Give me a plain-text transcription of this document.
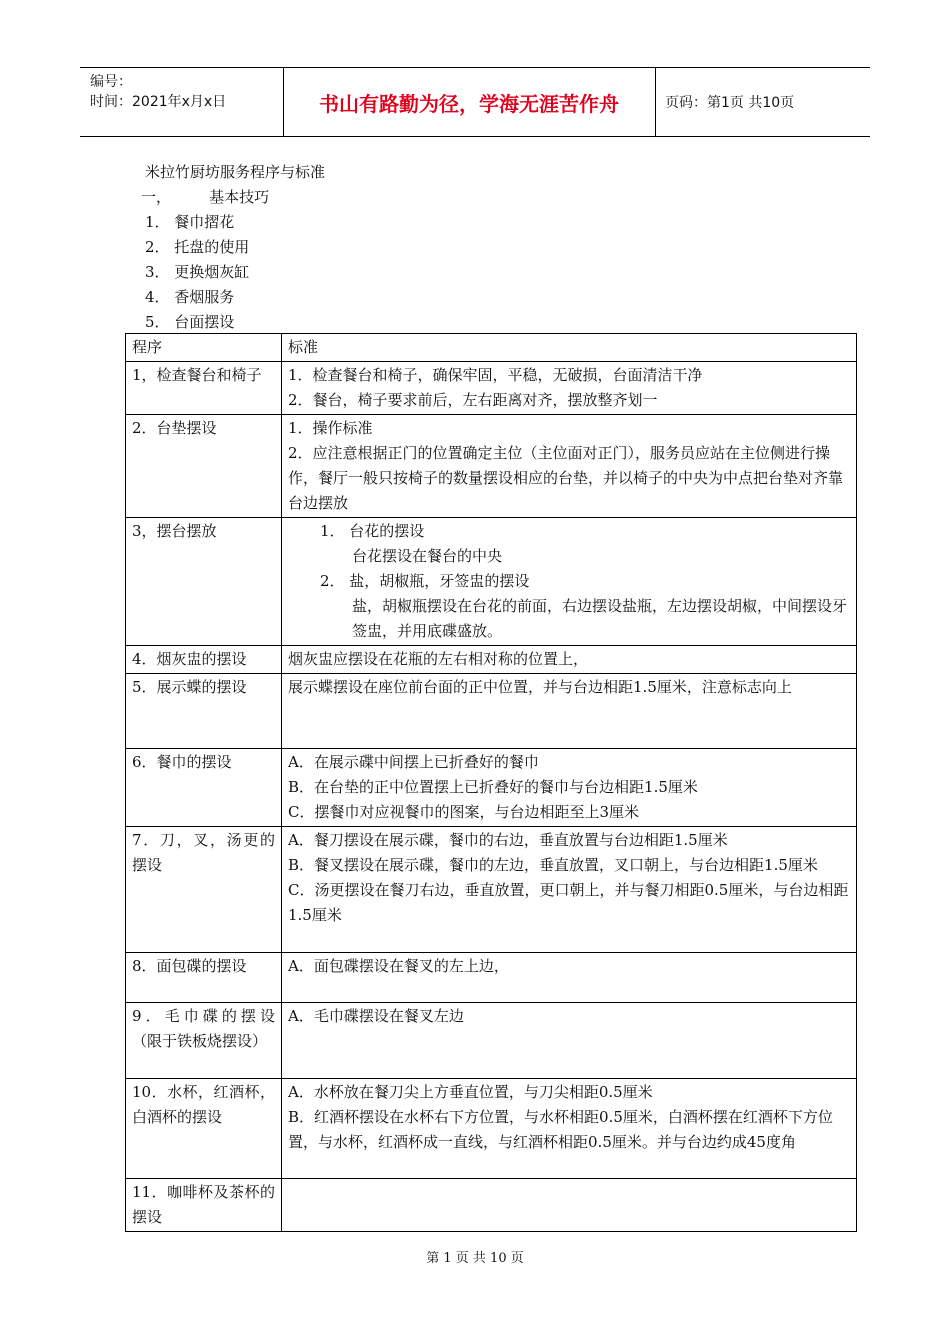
编号：
时间：2021年x月x日	书山有路勤为径，学海无涯苦作舟	页码：第1页 共10页
米拉竹厨坊服务程序与标准
一，        基本技巧
1． 餐巾摺花
2． 托盘的使用
3． 更换烟灰缸
4． 香烟服务
5． 台面摆设
程序	标准
1，检查餐台和椅子	1．检查餐台和椅子，确保牢固，平稳，无破损，台面清洁干净
2．餐台，椅子要求前后，左右距离对齐，摆放整齐划一

2．台垫摆设	1．操作标准
2．应注意根据正门的位置确定主位（主位面对正门），服务员应站在主位侧进行操作，餐厅一般只按椅子的数量摆设相应的台垫，并以椅子的中央为中点把台垫对齐靠台边摆放

3，摆台摆放	1． 台花的摆设
台花摆设在餐台的中央
2． 盐，胡椒瓶，牙签盅的摆设
盐，胡椒瓶摆设在台花的前面，右边摆设盐瓶，左边摆设胡椒，中间摆设牙签盅，并用底碟盛放。

4．烟灰盅的摆设	烟灰盅应摆设在花瓶的左右相对称的位置上，

5．展示蝶的摆设	展示蝶摆设在座位前台面的正中位置，并与台边相距1.5厘米，注意标志向上

6．餐巾的摆设	A．在展示碟中间摆上已折叠好的餐巾
B．在台垫的正中位置摆上已折叠好的餐巾与台边相距1.5厘米
C．摆餐巾对应视餐巾的图案，与台边相距至上3厘米

7．刀，叉，汤更的摆设	A．餐刀摆设在展示碟，餐巾的右边，垂直放置与台边相距1.5厘米
B．餐叉摆设在展示碟，餐巾的左边，垂直放置，叉口朝上，与台边相距1.5厘米
C．汤更摆设在餐刀右边，垂直放置，更口朝上，并与餐刀相距0.5厘米，与台边相距1.5厘米

8．面包碟的摆设	A．面包碟摆设在餐叉的左上边，

9．毛巾碟的摆设（限于铁板烧摆设）	A．毛巾碟摆设在餐叉左边

10．水杯，红酒杯，白酒杯的摆设	A．水杯放在餐刀尖上方垂直位置，与刀尖相距0.5厘米
B．红酒杯摆设在水杯右下方位置，与水杯相距0.5厘米，白酒杯摆在红酒杯下方位置，与水杯，红酒杯成一直线，与红酒杯相距0.5厘米。并与台边约成45度角

11．咖啡杯及茶杯的摆设	
第 1 页 共 10 页
